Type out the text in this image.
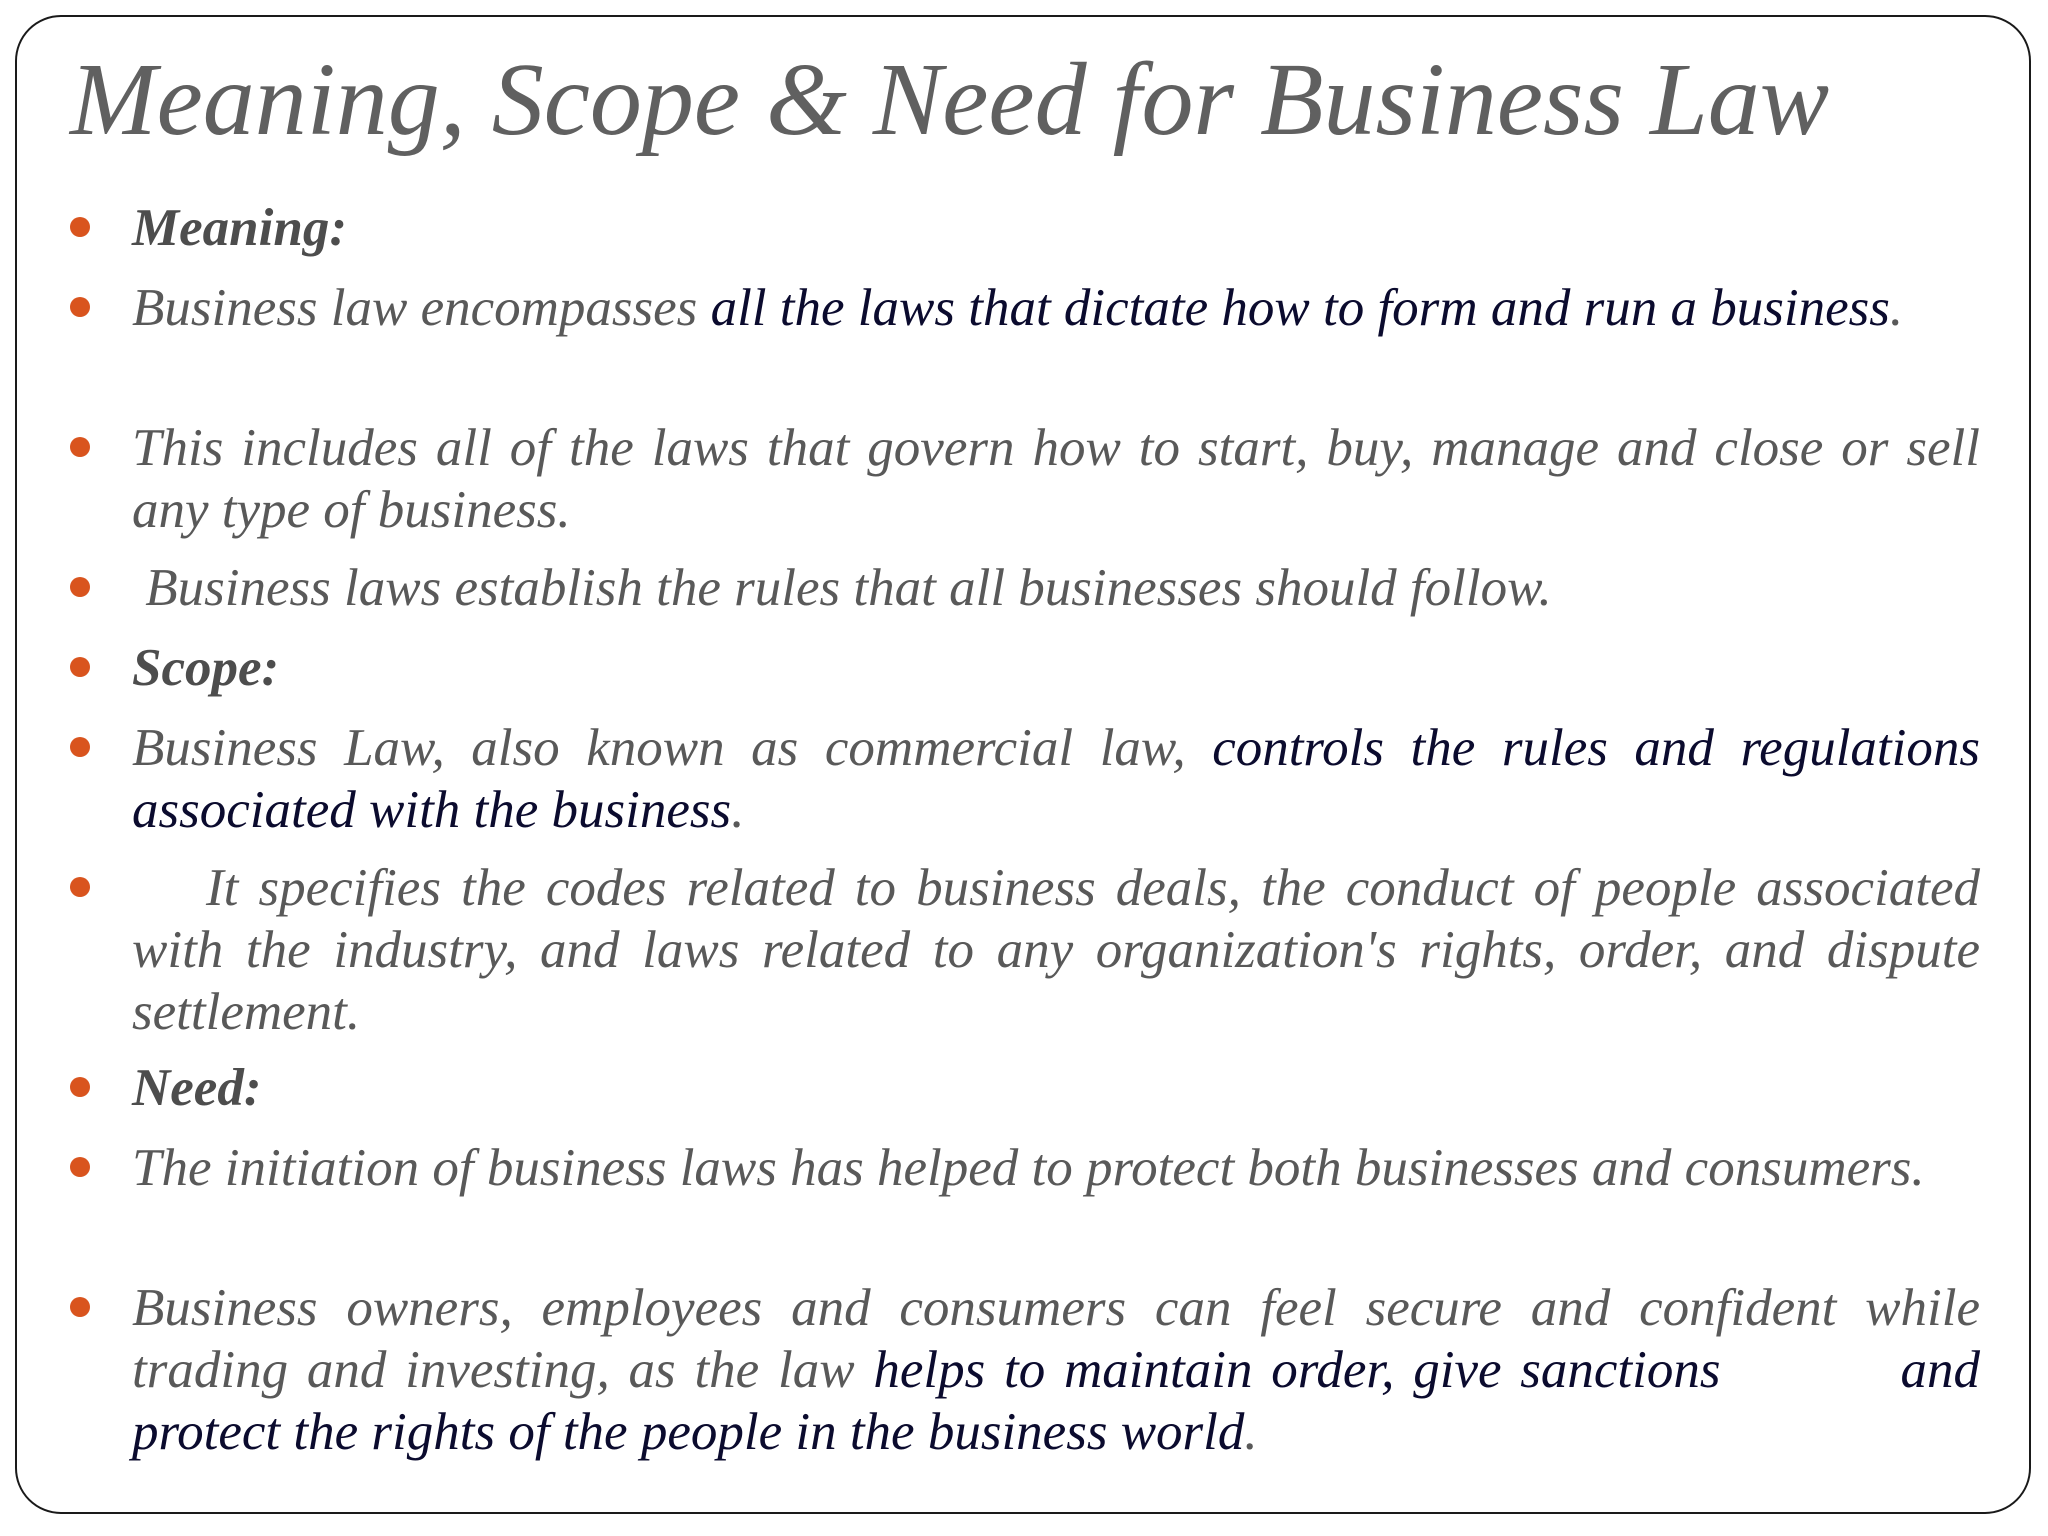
Meaning, Scope & Need for Business Law
Meaning:
Business law encompasses all the laws that dictate how to form and run a business.
This includes all of the laws that govern how to start, buy, manage and close or sell any type of business.
Business laws establish the rules that all businesses should follow.
Scope:
Business Law, also known as commercial law, controls the rules and regulations associated with the business.
It specifies the codes related to business deals, the conduct of people associated with the industry, and laws related to any organization's rights, order, and dispute settlement.
Need:
The initiation of business laws has helped to protect both businesses and consumers.
Business owners, employees and consumers can feel secure and confident while trading and investing, as the law helps to maintain order, give sanctions	and protect the rights of the people in the business world.
